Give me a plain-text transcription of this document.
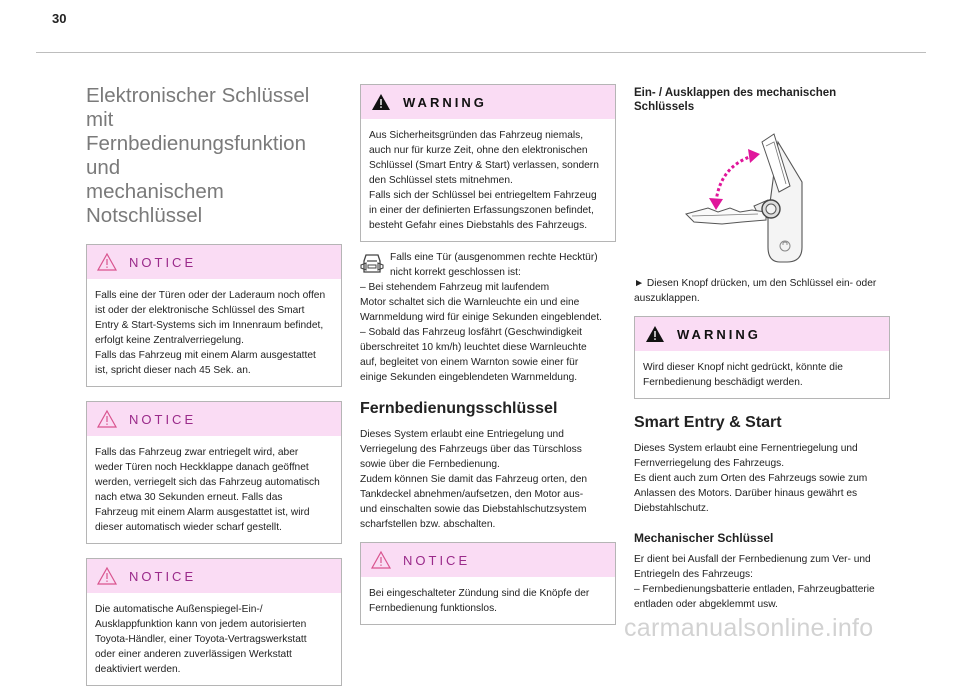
30
Elektronischer Schlüssel mit
Fernbedienungsfunktion und
mechanischem Notschlüssel
NOTICE
Falls eine der Türen oder der Laderaum noch offen
ist oder der elektronische Schlüssel des Smart
Entry & Start-Systems sich im Innenraum befindet,
erfolgt keine Zentralverriegelung.
Falls das Fahrzeug mit einem Alarm ausgestattet
ist, spricht dieser nach 45 Sek. an.
NOTICE
Falls das Fahrzeug zwar entriegelt wird, aber
weder Türen noch Heckklappe danach geöffnet
werden, verriegelt sich das Fahrzeug automatisch
nach etwa 30 Sekunden erneut. Falls das
Fahrzeug mit einem Alarm ausgestattet ist, wird
dieser automatisch wieder scharf gestellt.
NOTICE
Die automatische Außenspiegel-Ein-/
Ausklappfunktion kann von jedem autorisierten
Toyota-Händler, einer Toyota-Vertragswerkstatt
oder einer anderen zuverlässigen Werkstatt
deaktiviert werden.
WARNING
Aus Sicherheitsgründen das Fahrzeug niemals,
auch nur für kurze Zeit, ohne den elektronischen
Schlüssel (Smart Entry & Start) verlassen, sondern
den Schlüssel stets mitnehmen.
Falls sich der Schlüssel bei entriegeltem Fahrzeug
in einer der definierten Erfassungszonen befindet,
besteht Gefahr eines Diebstahls des Fahrzeugs.
Falls eine Tür (ausgenommen rechte Hecktür)
nicht korrekt geschlossen ist:
– Bei stehendem Fahrzeug mit laufendem
Motor schaltet sich die Warnleuchte ein und eine
Warnmeldung wird für einige Sekunden eingeblendet.
– Sobald das Fahrzeug losfährt (Geschwindigkeit
überschreitet 10 km/h) leuchtet diese Warnleuchte
auf, begleitet von einem Warnton sowie einer für
einige Sekunden eingeblendeten Warnmeldung.
Fernbedienungsschlüssel
Dieses System erlaubt eine Entriegelung und
Verriegelung des Fahrzeugs über das Türschloss
sowie über die Fernbedienung.
Zudem können Sie damit das Fahrzeug orten, den
Tankdeckel abnehmen/aufsetzen, den Motor aus-
und einschalten sowie das Diebstahlschutzsystem
scharfstellen bzw. abschalten.
NOTICE
Bei eingeschalteter Zündung sind die Knöpfe der
Fernbedienung funktionslos.
Ein- / Ausklappen des mechanischen
Schlüssels
► Diesen Knopf drücken, um den Schlüssel ein- oder
auszuklappen.
WARNING
Wird dieser Knopf nicht gedrückt, könnte die
Fernbedienung beschädigt werden.
Smart Entry & Start
Dieses System erlaubt eine Fernentriegelung und
Fernverriegelung des Fahrzeugs.
Es dient auch zum Orten des Fahrzeugs sowie zum
Anlassen des Motors. Darüber hinaus gewährt es
Diebstahlschutz.
Mechanischer Schlüssel
Er dient bei Ausfall der Fernbedienung zum Ver- und
Entriegeln des Fahrzeugs:
– Fernbedienungsbatterie entladen, Fahrzeugbatterie
entladen oder abgeklemmt usw.
carmanualsonline.info
